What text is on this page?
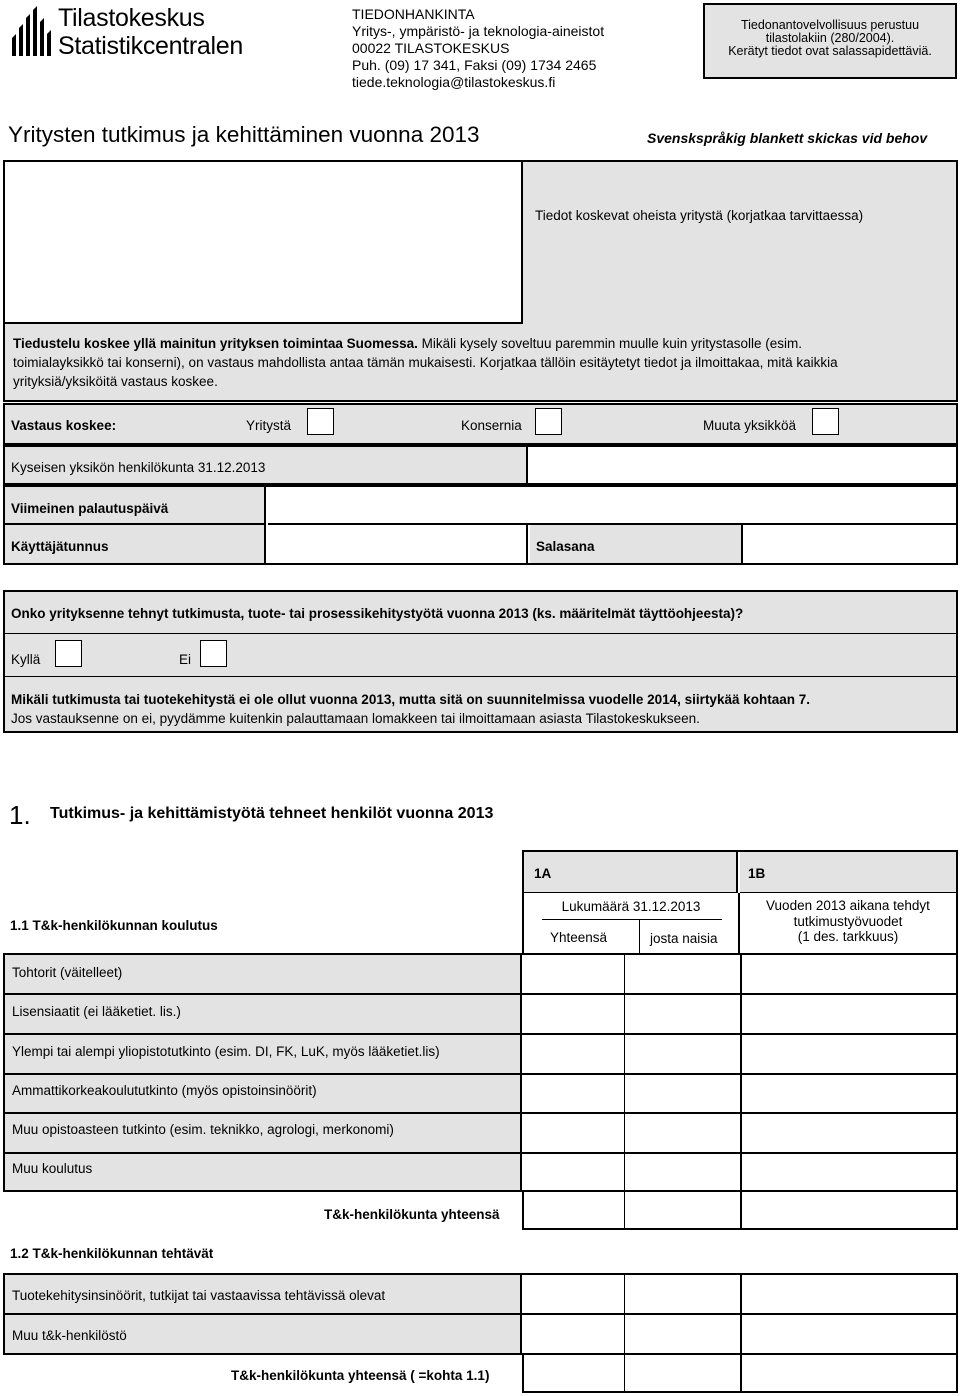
Tilastokeskus
Statistikcentralen
TIEDONHANKINTA
Yritys-, ympäristö- ja teknologia-aineistot
00022 TILASTOKESKUS
Puh. (09) 17 341, Faksi (09) 1734 2465
tiede.teknologia@tilastokeskus.fi
Tiedonantovelvollisuus perustuu
tilastolakiin (280/2004).
Kerätyt tiedot ovat salassapidettäviä.
Yritysten tutkimus ja kehittäminen vuonna 2013	Svenskspråkig blankett skickas vid behov
Tiedot koskevat oheista yritystä (korjatkaa tarvittaessa)
Tiedustelu koskee yllä mainitun yrityksen toimintaa Suomessa. Mikäli kysely soveltuu paremmin muulle kuin yritystasolle (esim.
toimialayksikkö tai konserni), on vastaus mahdollista antaa tämän mukaisesti. Korjatkaa tällöin esitäytetyt tiedot ja ilmoittakaa, mitä kaikkia
yrityksiä/yksiköitä vastaus koskee.
Vastaus koskee:	Yritystä	Konsernia	Muuta yksikköä
Kyseisen yksikön henkilökunta 31.12.2013
Viimeinen palautuspäivä
Käyttäjätunnus	Salasana
Onko yrityksenne tehnyt tutkimusta, tuote- tai prosessikehitystyötä vuonna 2013 (ks. määritelmät täyttöohjeesta)?
Kyllä	Ei
Mikäli tutkimusta tai tuotekehitystä ei ole ollut vuonna 2013, mutta sitä on suunnitelmissa vuodelle 2014, siirtykää kohtaan 7.
Jos vastauksenne on ei, pyydämme kuitenkin palauttamaan lomakkeen tai ilmoittamaan asiasta Tilastokeskukseen.
1. Tutkimus- ja kehittämistyötä tehneet henkilöt vuonna 2013
1A	1B
Lukumäärä 31.12.2013
Yhteensä	josta naisia
Vuoden 2013 aikana tehdyt
tutkimustyövuodet
(1 des. tarkkuus)
1.1 T&k-henkilökunnan koulutus
Tohtorit (väitelleet)
Lisensiaatit (ei lääketiet. lis.)
Ylempi tai alempi yliopistotutkinto (esim. DI, FK, LuK, myös lääketiet.lis)
Ammattikorkeakoulututkinto (myös opistoinsinöörit)
Muu opistoasteen tutkinto (esim. teknikko, agrologi, merkonomi)
Muu koulutus
T&k-henkilökunta yhteensä
1.2 T&k-henkilökunnan tehtävät
Tuotekehitysinsinöörit, tutkijat tai vastaavissa tehtävissä olevat
Muu t&k-henkilöstö
T&k-henkilökunta yhteensä ( =kohta 1.1)
